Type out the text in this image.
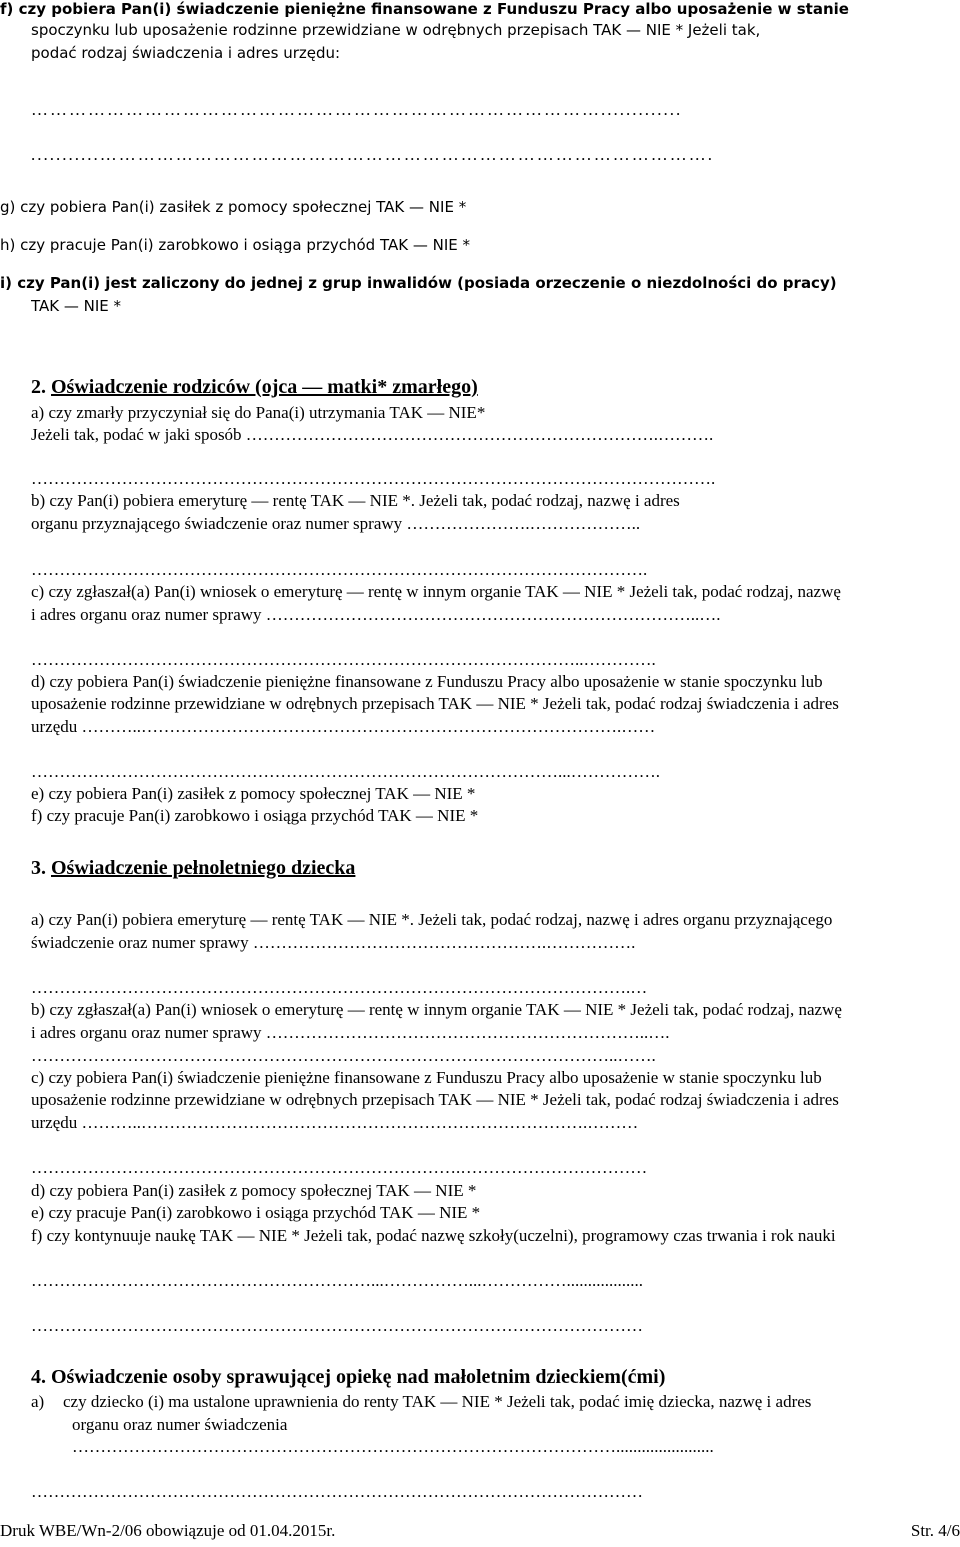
f) czy pobiera Pan(i) świadczenie pieniężne finansowane z Funduszu Pracy albo uposażenie w stanie
spoczynku lub uposażenie rodzinne przewidziane w odrębnych przepisach TAK — NIE * Jeżeli tak,
podać rodzaj świadczenia i adres urzędu:
……………………………………………………………………………….............
...........…………………………………………………………………………………….
g) czy pobiera Pan(i) zasiłek z pomocy społecznej TAK — NIE *
h) czy pracuje Pan(i) zarobkowo i osiąga przychód TAK — NIE *
i) czy Pan(i) jest zaliczony do jednej z grup inwalidów (posiada orzeczenie o niezdolności do pracy)
TAK — NIE *
2. Oświadczenie rodziców (ojca — matki* zmarłego)
a) czy zmarły przyczyniał się do Pana(i) utrzymania TAK — NIE*
Jeżeli tak, podać w jaki sposób ……………………………………………………………….……….
………………………………………………………………………………………………………….
b) czy Pan(i) pobiera emeryturę — rentę TAK — NIE *. Jeżeli tak, podać rodzaj, nazwę i adres
organu przyznającego świadczenie oraz numer sprawy ………………….………………..
……………………………………………………………………………………………….
c) czy zgłaszał(a) Pan(i) wniosek o emeryturę — rentę w innym organie TAK — NIE * Jeżeli tak, podać rodzaj, nazwę
i adres organu oraz numer sprawy …………………………………………………………………..….
……………………………………………………………………………………..………….
d) czy pobiera Pan(i) świadczenie pieniężne finansowane z Funduszu Pracy albo uposażenie w stanie spoczynku lub
uposażenie rodzinne przewidziane w odrębnych przepisach TAK — NIE * Jeżeli tak, podać rodzaj świadczenia i adres
urzędu ………..………………………………………………………………………….……
…………………………………………………………………………………...…………….
e) czy pobiera Pan(i) zasiłek z pomocy społecznej TAK — NIE *
f) czy pracuje Pan(i) zarobkowo i osiąga przychód TAK — NIE *
3. Oświadczenie pełnoletniego dziecka
a) czy Pan(i) pobiera emeryturę — rentę TAK — NIE *. Jeżeli tak, podać rodzaj, nazwę i adres organu przyznającego
świadczenie oraz numer sprawy …………………………………………….…………….
…………………………………………………………………………………………….…
b) czy zgłaszał(a) Pan(i) wniosek o emeryturę — rentę w innym organie TAK — NIE * Jeżeli tak, podać rodzaj, nazwę
i adres organu oraz numer sprawy …………………………………………………………..….
…………………………………………………………………………………………..…….
c) czy pobiera Pan(i) świadczenie pieniężne finansowane z Funduszu Pracy albo uposażenie w stanie spoczynku lub
uposażenie rodzinne przewidziane w odrębnych przepisach TAK — NIE * Jeżeli tak, podać rodzaj świadczenia i adres
urzędu ………..…………………………………………………………………….………
………………………………………………………………….……………………………
d) czy pobiera Pan(i) zasiłek z pomocy społecznej TAK — NIE *
e) czy pracuje Pan(i) zarobkowo i osiąga przychód TAK — NIE *
f) czy kontynuuje naukę TAK — NIE * Jeżeli tak, podać nazwę szkoły(uczelni), programowy czas trwania i rok nauki
……………………………………………………...……………...……………..................
………………………………………………………………………………………………
4. Oświadczenie osoby sprawującej opiekę nad małoletnim dzieckiem(ćmi)
a) czy dziecko (i) ma ustalone uprawnienia do renty TAK — NIE * Jeżeli tak, podać imię dziecka, nazwę i adres
organu oraz numer świadczenia
…………………………………………………………………………………….......................
………………………………………………………………………………………………
Druk WBE/Wn-2/06 obowiązuje od 01.04.2015r.	Str. 4/6
